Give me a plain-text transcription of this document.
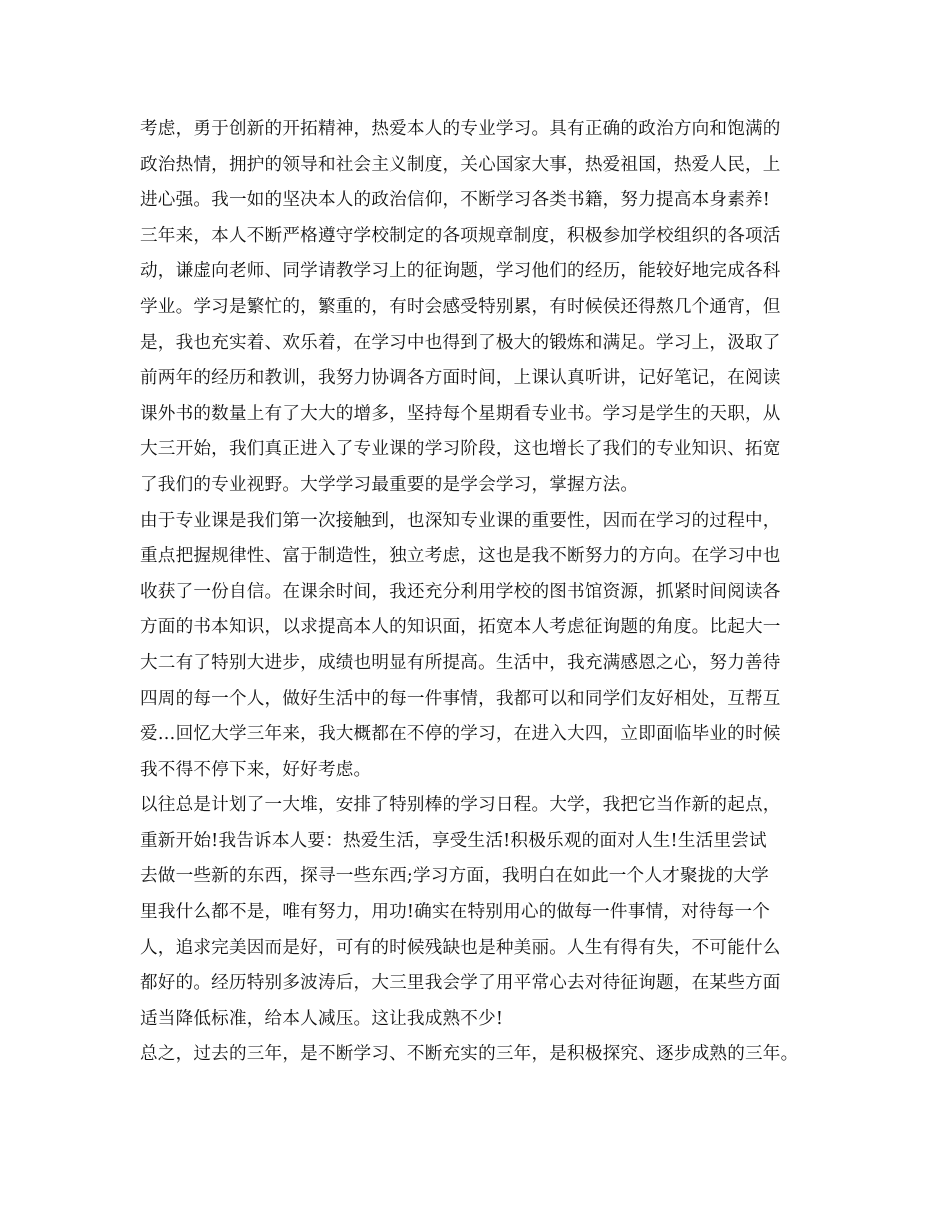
考虑，勇于创新的开拓精神，热爱本人的专业学习。具有正确的政治方向和饱满的
政治热情，拥护的领导和社会主义制度，关心国家大事，热爱祖国，热爱人民，上
进心强。我一如的坚决本人的政治信仰，不断学习各类书籍，努力提高本身素养!
三年来，本人不断严格遵守学校制定的各项规章制度，积极参加学校组织的各项活
动，谦虚向老师、同学请教学习上的征询题，学习他们的经历，能较好地完成各科
学业。学习是繁忙的，繁重的，有时会感受特别累，有时候侯还得熬几个通宵，但
是，我也充实着、欢乐着，在学习中也得到了极大的锻炼和满足。学习上，汲取了
前两年的经历和教训，我努力协调各方面时间，上课认真听讲，记好笔记，在阅读
课外书的数量上有了大大的增多，坚持每个星期看专业书。学习是学生的天职，从
大三开始，我们真正进入了专业课的学习阶段，这也增长了我们的专业知识、拓宽
了我们的专业视野。大学学习最重要的是学会学习，掌握方法。
由于专业课是我们第一次接触到，也深知专业课的重要性，因而在学习的过程中，
重点把握规律性、富于制造性，独立考虑，这也是我不断努力的方向。在学习中也
收获了一份自信。在课余时间，我还充分利用学校的图书馆资源，抓紧时间阅读各
方面的书本知识，以求提高本人的知识面，拓宽本人考虑征询题的角度。比起大一
大二有了特别大进步，成绩也明显有所提高。生活中，我充满感恩之心，努力善待
四周的每一个人，做好生活中的每一件事情，我都可以和同学们友好相处，互帮互
爱…回忆大学三年来，我大概都在不停的学习，在进入大四，立即面临毕业的时候
我不得不停下来，好好考虑。
以往总是计划了一大堆，安排了特别棒的学习日程。大学，我把它当作新的起点，
重新开始!我告诉本人要：热爱生活，享受生活!积极乐观的面对人生!生活里尝试
去做一些新的东西，探寻一些东西;学习方面，我明白在如此一个人才聚拢的大学
里我什么都不是，唯有努力，用功!确实在特别用心的做每一件事情，对待每一个
人，追求完美因而是好，可有的时候残缺也是种美丽。人生有得有失，不可能什么
都好的。经历特别多波涛后，大三里我会学了用平常心去对待征询题，在某些方面
适当降低标准，给本人减压。这让我成熟不少!
总之，过去的三年，是不断学习、不断充实的三年，是积极探究、逐步成熟的三年。
